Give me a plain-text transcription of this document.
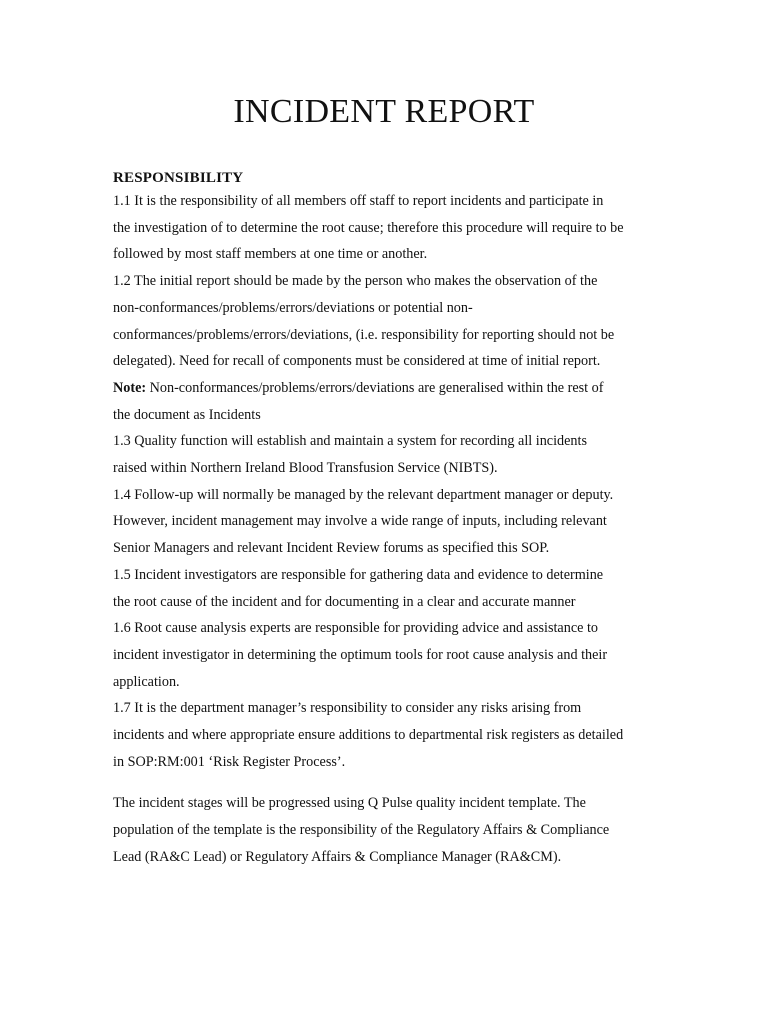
INCIDENT REPORT

RESPONSIBILITY

1.1 It is the responsibility of all members off staff to report incidents and participate in
the investigation of to determine the root cause; therefore this procedure will require to be
followed by most staff members at one time or another.

1.2 The initial report should be made by the person who makes the observation of the
non-conformances/problems/errors/deviations or potential non-
conformances/problems/errors/deviations, (i.e. responsibility for reporting should not be
delegated). Need for recall of components must be considered at time of initial report.

Note: Non-conformances/problems/errors/deviations are generalised within the rest of
the document as Incidents

1.3 Quality function will establish and maintain a system for recording all incidents
raised within Northern Ireland Blood Transfusion Service (NIBTS).

1.4 Follow-up will normally be managed by the relevant department manager or deputy.
However, incident management may involve a wide range of inputs, including relevant
Senior Managers and relevant Incident Review forums as specified this SOP.

1.5 Incident investigators are responsible for gathering data and evidence to determine
the root cause of the incident and for documenting in a clear and accurate manner

1.6 Root cause analysis experts are responsible for providing advice and assistance to
incident investigator in determining the optimum tools for root cause analysis and their
application.

1.7 It is the department manager’s responsibility to consider any risks arising from
incidents and where appropriate ensure additions to departmental risk registers as detailed
in SOP:RM:001 ‘Risk Register Process’.

The incident stages will be progressed using Q Pulse quality incident template. The
population of the template is the responsibility of the Regulatory Affairs & Compliance
Lead (RA&C Lead) or Regulatory Affairs & Compliance Manager (RA&CM).
